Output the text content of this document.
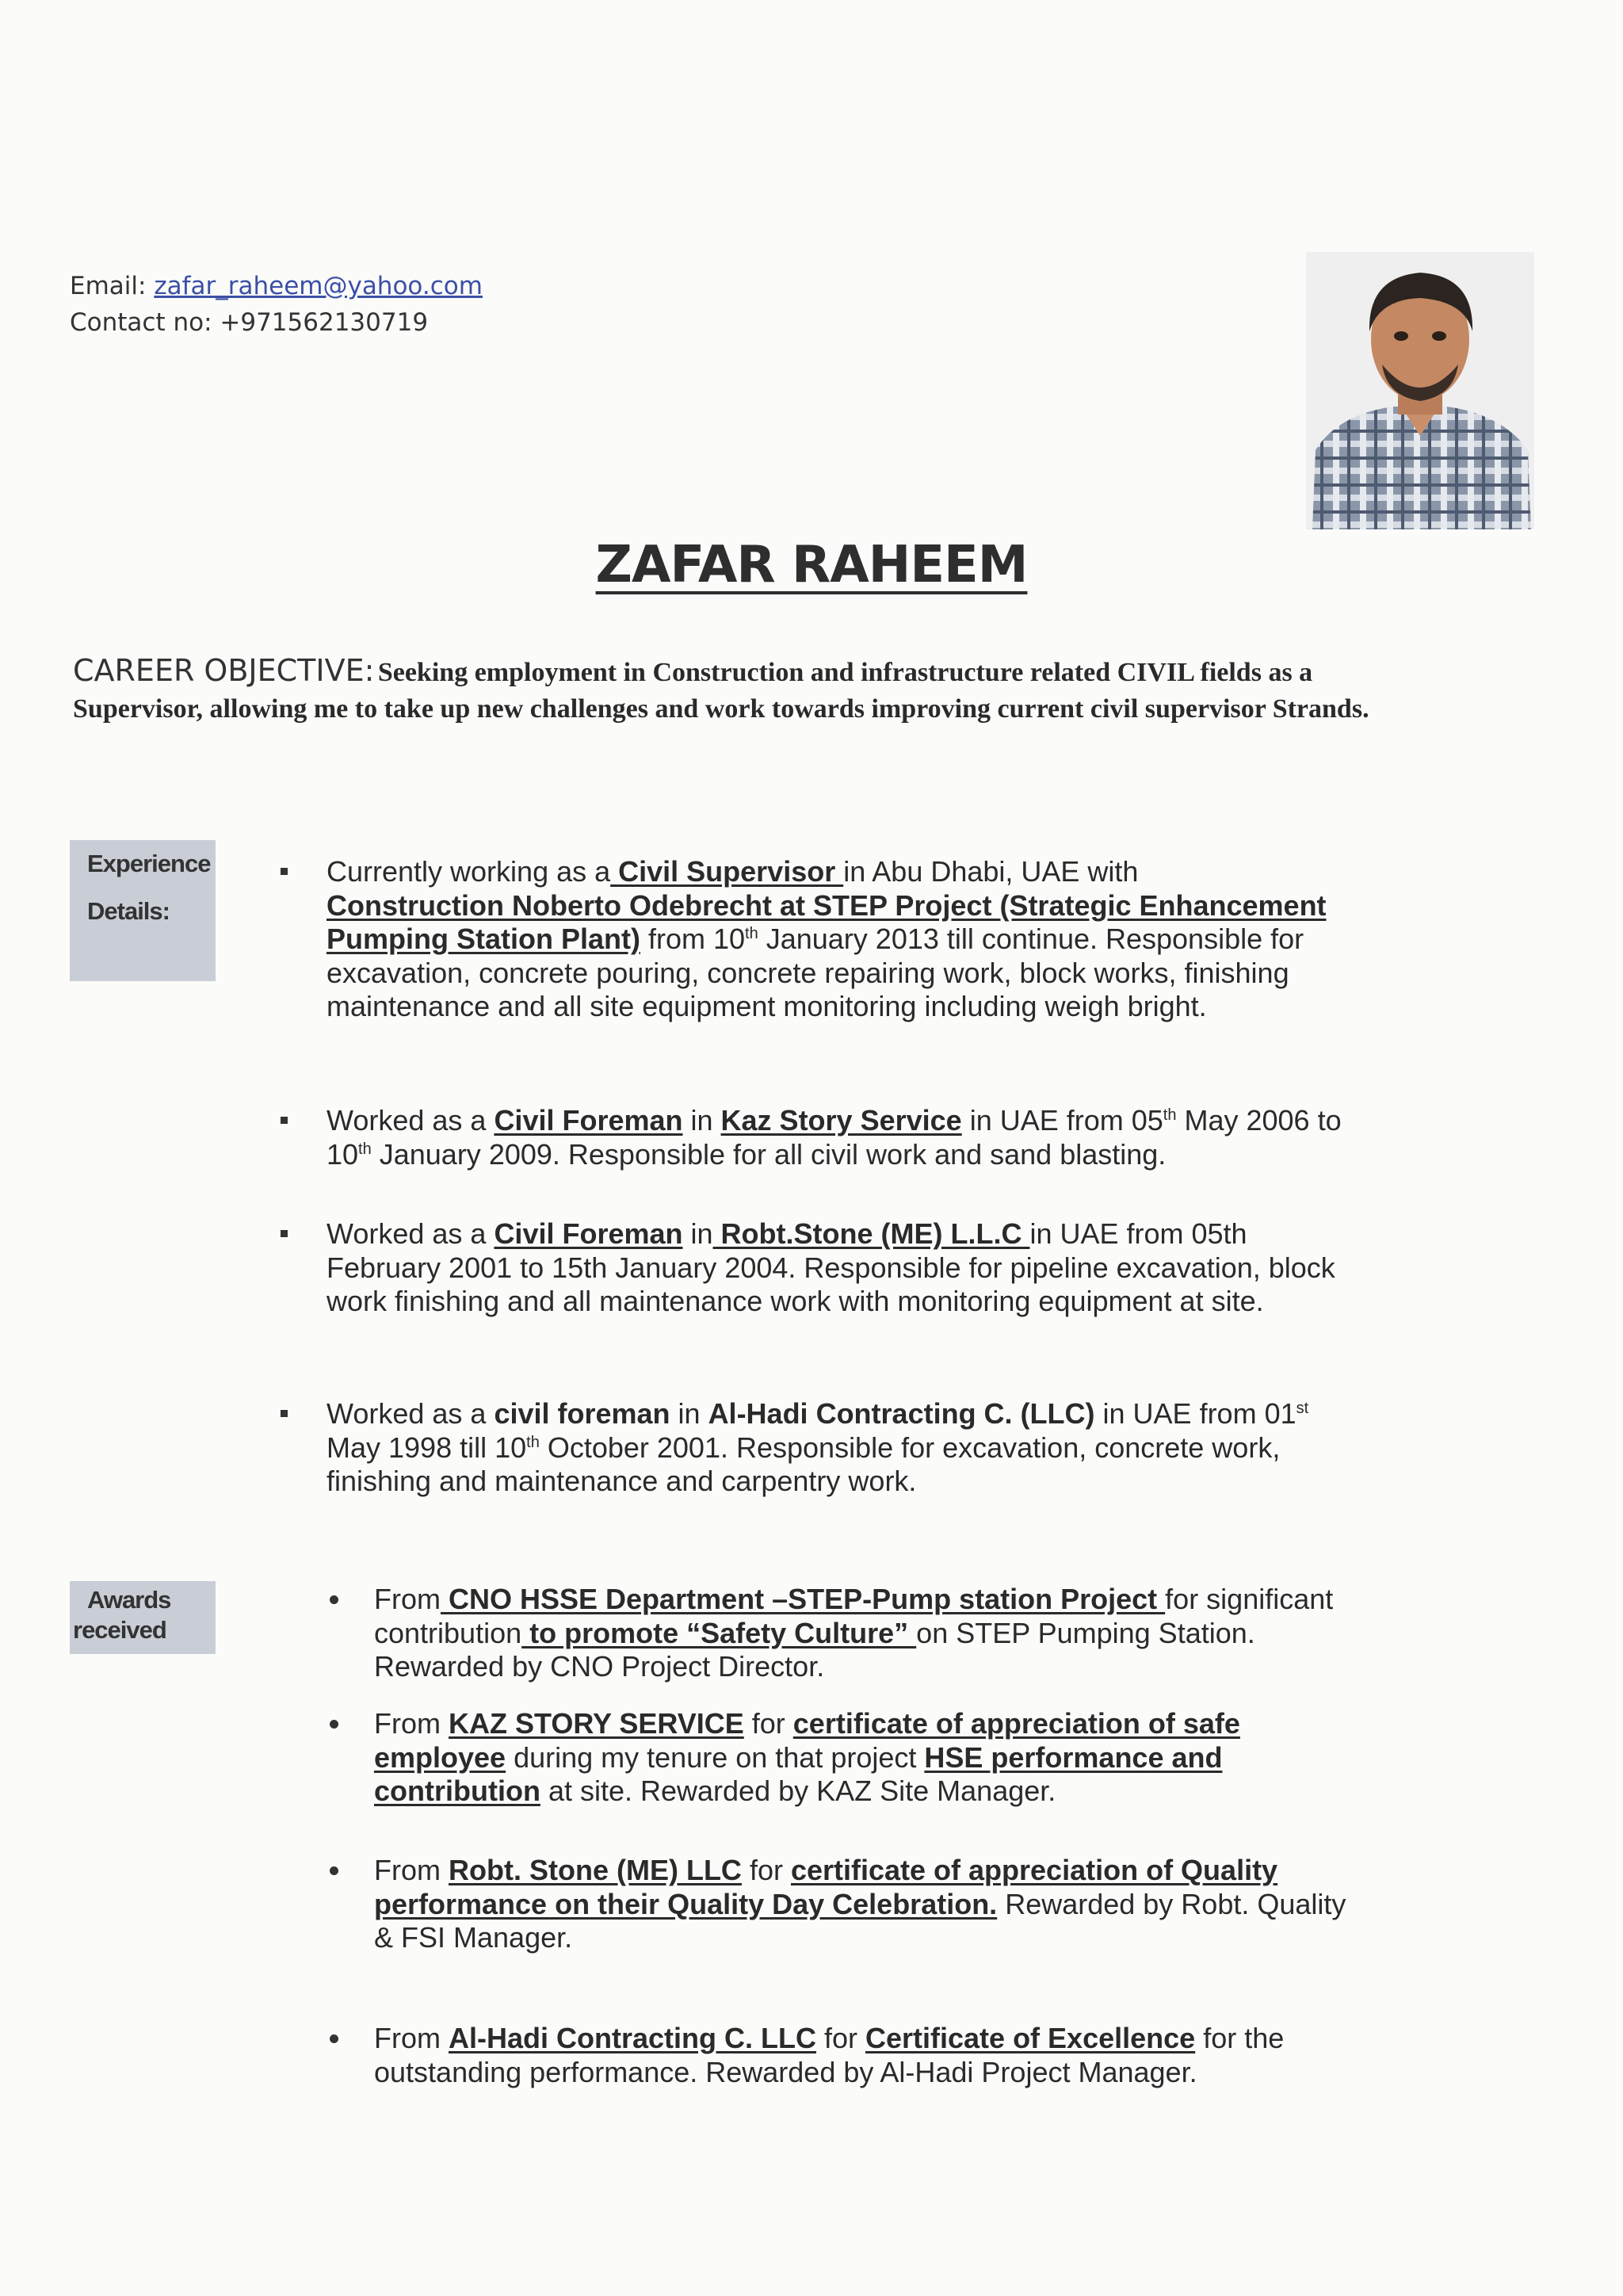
Email: zafar_raheem@yahoo.com
Contact no: +971562130719
ZAFAR RAHEEM
CAREER OBJECTIVE: Seeking employment in Construction and infrastructure related CIVIL fields as a Supervisor, allowing me to take up new challenges and work towards improving current civil supervisor Strands.
Experience
Details:
Currently working as a Civil Supervisor in Abu Dhabi, UAE with
Construction Noberto Odebrecht at STEP Project (Strategic Enhancement Pumping Station Plant) from 10th January 2013 till continue. Responsible for excavation, concrete pouring, concrete repairing work, block works, finishing maintenance and all site equipment monitoring including weigh bright.
Worked as a Civil Foreman in Kaz Story Service in UAE from 05th May 2006 to 10th January 2009. Responsible for all civil work and sand blasting.
Worked as a Civil Foreman in Robt.Stone (ME) L.L.C in UAE from 05th February 2001 to 15th January 2004. Responsible for pipeline excavation, block work finishing and all maintenance work with monitoring equipment at site.
Worked as a civil foreman in Al-Hadi Contracting C. (LLC) in UAE from 01st May 1998 till 10th October 2001. Responsible for excavation, concrete work, finishing and maintenance and carpentry work.
Awards
received
From CNO HSSE Department –STEP-Pump station Project for significant contribution to promote “Safety Culture” on STEP Pumping Station. Rewarded by CNO Project Director.
From KAZ STORY SERVICE for certificate of appreciation of safe employee during my tenure on that project HSE performance and contribution at site. Rewarded by KAZ Site Manager.
From Robt. Stone (ME) LLC for certificate of appreciation of Quality performance on their Quality Day Celebration. Rewarded by Robt. Quality & FSI Manager.
From Al-Hadi Contracting C. LLC for Certificate of Excellence for the outstanding performance. Rewarded by Al-Hadi Project Manager.
